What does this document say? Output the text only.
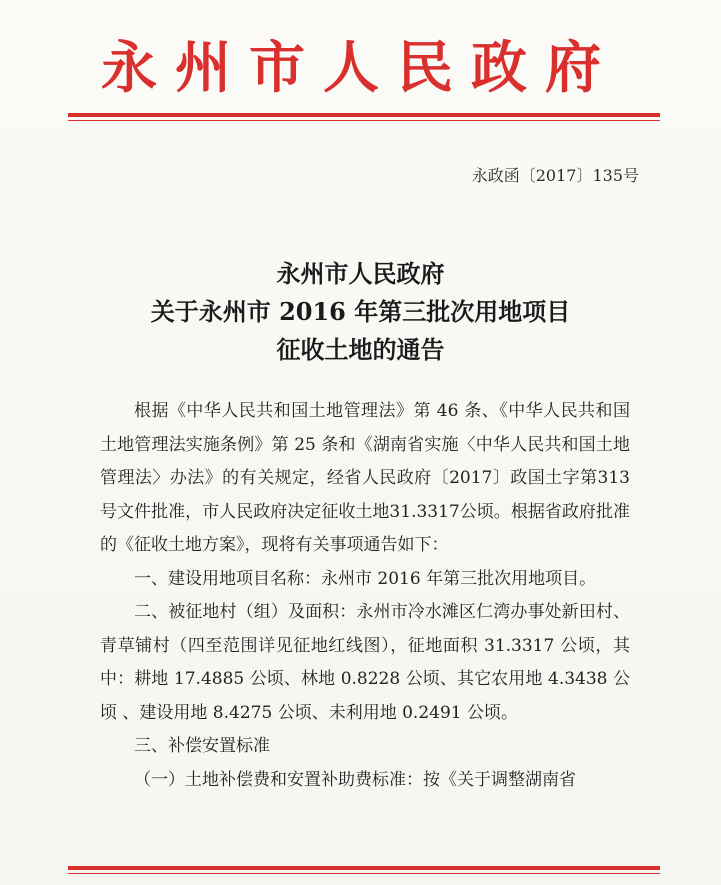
永州市人民政府
永政函〔2017〕135号
永州市人民政府
关于永州市 2016 年第三批次用地项目
征收土地的通告

根据《中华人民共和国土地管理法》第 46 条、《中华人民共和国土地管理法实施条例》第 25 条和《湖南省实施〈中华人民共和国土地管理法〉办法》的有关规定，经省人民政府〔2017〕政国土字第313号文件批准，市人民政府决定征收土地31.3317公顷。根据省政府批准的《征收土地方案》，现将有关事项通告如下：

一、建设用地项目名称：永州市 2016 年第三批次用地项目。

二、被征地村（组）及面积：永州市冷水滩区仁湾办事处新田村、青草铺村（四至范围详见征地红线图），征地面积 31.3317 公顷，其中：耕地 17.4885 公顷、林地 0.8228 公顷、其它农用地 4.3438 公顷 、建设用地 8.4275 公顷、未利用地 0.2491 公顷。

三、补偿安置标准

（一）土地补偿费和安置补助费标准：按《关于调整湖南省
